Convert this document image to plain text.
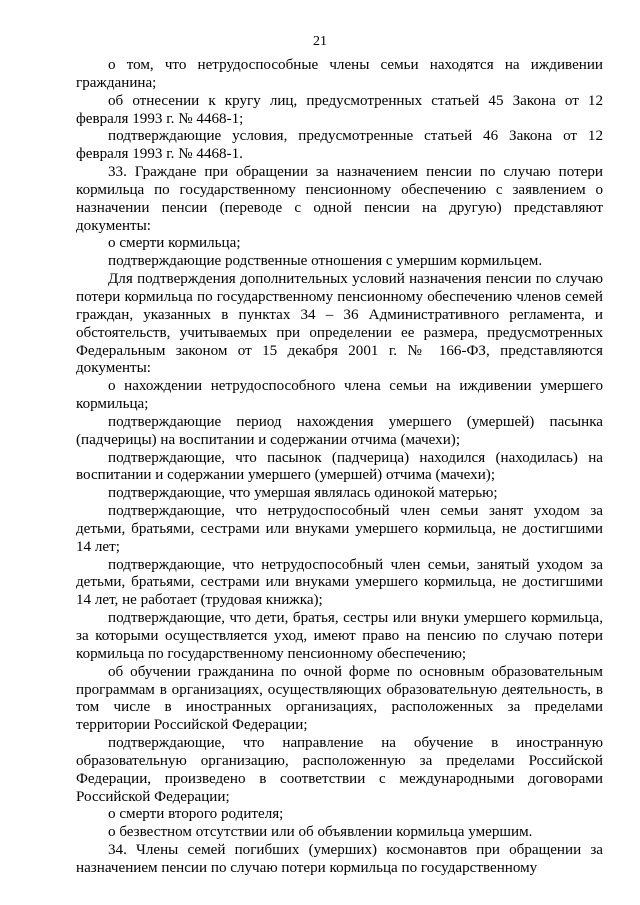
21

о том, что нетрудоспособные члены семьи находятся на иждивении гражданина;

об отнесении к кругу лиц, предусмотренных статьей 45 Закона от 12 февраля 1993 г. № 4468-1;

подтверждающие условия, предусмотренные статьей 46 Закона от 12 февраля 1993 г. № 4468-1.

33. Граждане при обращении за назначением пенсии по случаю потери кормильца по государственному пенсионному обеспечению с заявлением о назначении пенсии (переводе с одной пенсии на другую) представляют документы:

о смерти кормильца;

подтверждающие родственные отношения с умершим кормильцем.

Для подтверждения дополнительных условий назначения пенсии по случаю потери кормильца по государственному пенсионному обеспечению членов семей граждан, указанных в пунктах 34 – 36 Административного регламента, и обстоятельств, учитываемых при определении ее размера, предусмотренных Федеральным законом от 15 декабря 2001 г. № 166-ФЗ, представляются документы:

о нахождении нетрудоспособного члена семьи на иждивении умершего кормильца;

подтверждающие период нахождения умершего (умершей) пасынка (падчерицы) на воспитании и содержании отчима (мачехи);

подтверждающие, что пасынок (падчерица) находился (находилась) на воспитании и содержании умершего (умершей) отчима (мачехи);

подтверждающие, что умершая являлась одинокой матерью;

подтверждающие, что нетрудоспособный член семьи занят уходом за детьми, братьями, сестрами или внуками умершего кормильца, не достигшими 14 лет;

подтверждающие, что нетрудоспособный член семьи, занятый уходом за детьми, братьями, сестрами или внуками умершего кормильца, не достигшими 14 лет, не работает (трудовая книжка);

подтверждающие, что дети, братья, сестры или внуки умершего кормильца, за которыми осуществляется уход, имеют право на пенсию по случаю потери кормильца по государственному пенсионному обеспечению;

об обучении гражданина по очной форме по основным образовательным программам в организациях, осуществляющих образовательную деятельность, в том числе в иностранных организациях, расположенных за пределами территории Российской Федерации;

подтверждающие, что направление на обучение в иностранную образовательную организацию, расположенную за пределами Российской Федерации, произведено в соответствии с международными договорами Российской Федерации;

о смерти второго родителя;

о безвестном отсутствии или об объявлении кормильца умершим.

34. Члены семей погибших (умерших) космонавтов при обращении за назначением пенсии по случаю потери кормильца по государственному
